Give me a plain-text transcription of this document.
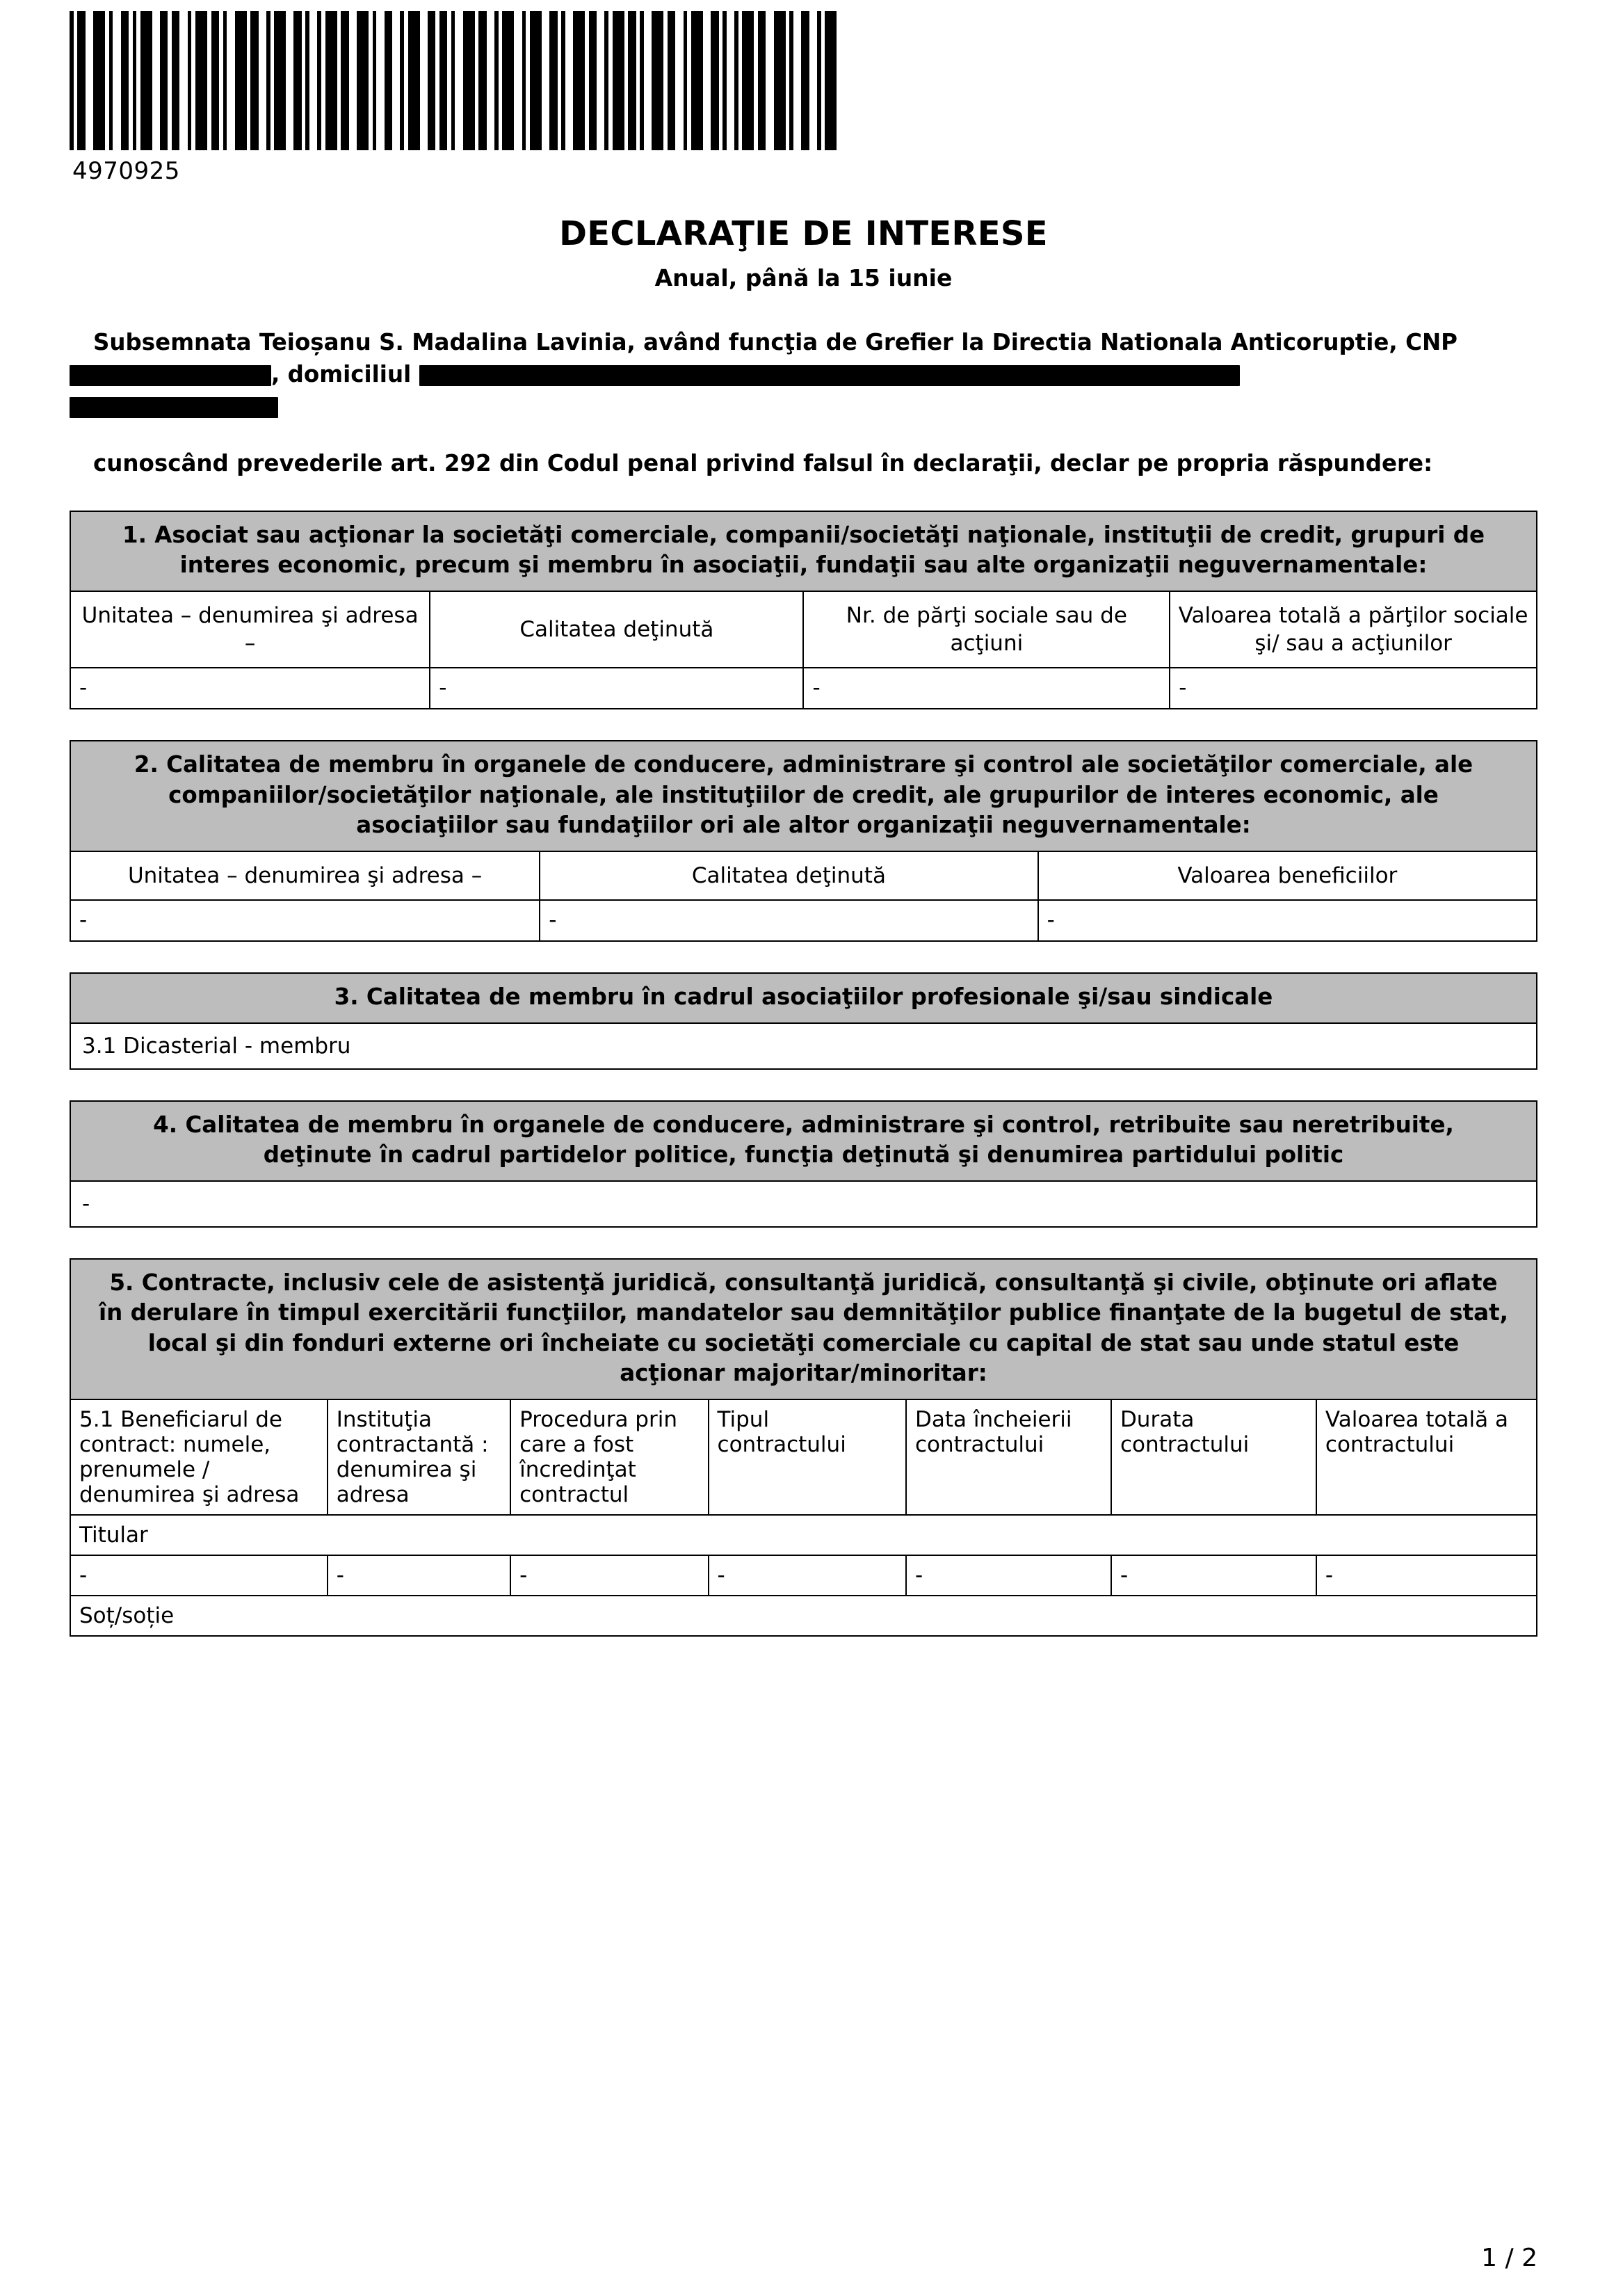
4970925
DECLARAŢIE DE INTERESE
Anual, până la 15 iunie
Subsemnata Teioșanu S. Madalina Lavinia, având funcţia de Grefier la Directia Nationala Anticoruptie, CNP  , domiciliul

cunoscând prevederile art. 292 din Codul penal privind falsul în declaraţii, declar pe propria răspundere:
1. Asociat sau acţionar la societăţi comerciale, companii/societăţi naţionale, instituţii de credit, grupuri de interes economic, precum şi membru în asociaţii, fundaţii sau alte organizaţii neguvernamentale:
Unitatea – denumirea şi adresa –	Calitatea deţinută	Nr. de părţi sociale sau de acţiuni	Valoarea totală a părţilor sociale şi/ sau a acţiunilor
-	-	-	-
2. Calitatea de membru în organele de conducere, administrare şi control ale societăţilor comerciale, ale companiilor/societăţilor naţionale, ale instituţiilor de credit, ale grupurilor de interes economic, ale asociaţiilor sau fundaţiilor ori ale altor organizaţii neguvernamentale:
Unitatea – denumirea şi adresa –	Calitatea deţinută	Valoarea beneficiilor
-	-	-
3. Calitatea de membru în cadrul asociaţiilor profesionale şi/sau sindicale
3.1 Dicasterial - membru
4. Calitatea de membru în organele de conducere, administrare şi control, retribuite sau neretribuite, deţinute în cadrul partidelor politice, funcţia deţinută şi denumirea partidului politic
-
5. Contracte, inclusiv cele de asistenţă juridică, consultanţă juridică, consultanţă şi civile, obţinute ori aflate în derulare în timpul exercitării funcţiilor, mandatelor sau demnităţilor publice finanţate de la bugetul de stat, local şi din fonduri externe ori încheiate cu societăţi comerciale cu capital de stat sau unde statul este acţionar majoritar/minoritar:
5.1 Beneficiarul de contract: numele, prenumele / denumirea şi adresa	Instituţia contractantă : denumirea şi adresa	Procedura prin care a fost încredinţat contractul	Tipul contractului	Data încheierii contractului	Durata contractului	Valoarea totală a contractului
Titular						
-	-	-	-	-	-	-
Soț/soție						
1 / 2
